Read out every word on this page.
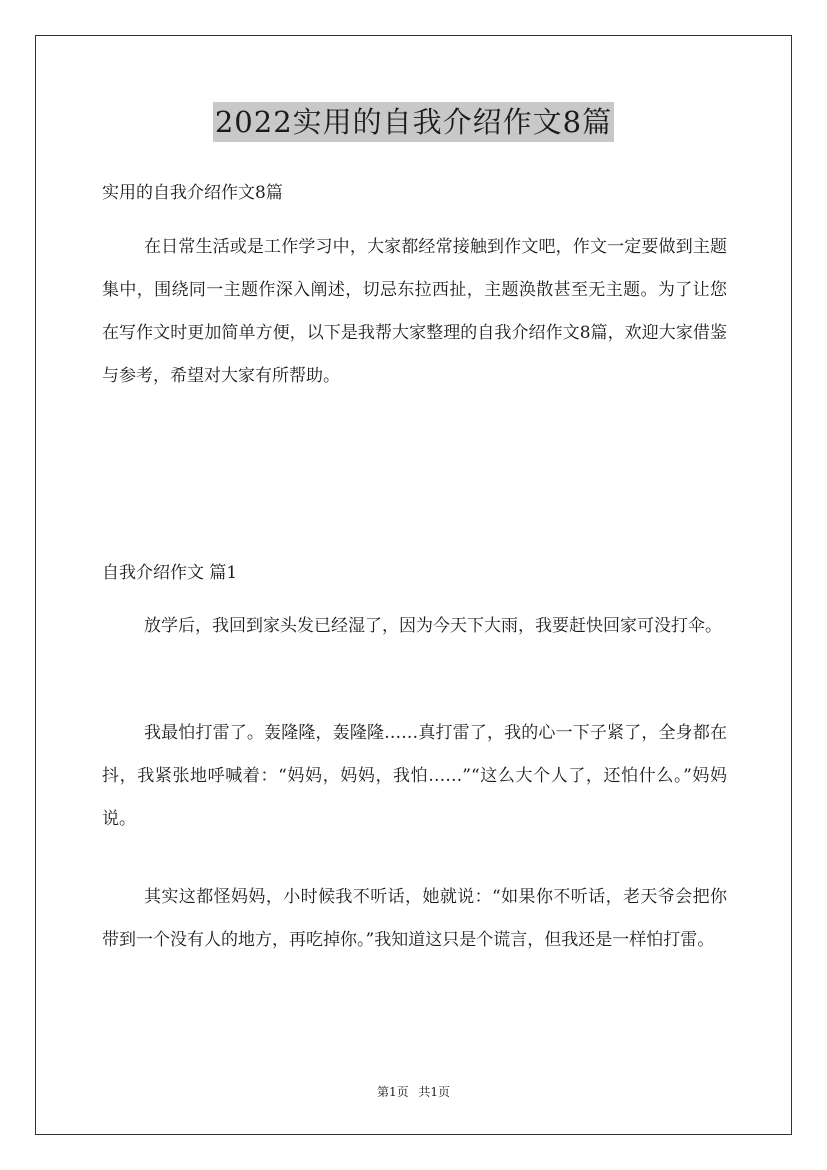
2022实用的自我介绍作文8篇
实用的自我介绍作文8篇

在日常生活或是工作学习中，大家都经常接触到作文吧，作文一定要做到主题集中，围绕同一主题作深入阐述，切忌东拉西扯，主题涣散甚至无主题。为了让您在写作文时更加简单方便，以下是我帮大家整理的自我介绍作文8篇，欢迎大家借鉴与参考，希望对大家有所帮助。

自我介绍作文 篇1

放学后，我回到家头发已经湿了，因为今天下大雨，我要赶快回家可没打伞。

我最怕打雷了。轰隆隆，轰隆隆……真打雷了，我的心一下子紧了，全身都在抖，我紧张地呼喊着：“妈妈，妈妈，我怕……”“这么大个人了，还怕什么。”妈妈说。

其实这都怪妈妈，小时候我不听话，她就说：“如果你不听话，老天爷会把你带到一个没有人的地方，再吃掉你。”我知道这只是个谎言，但我还是一样怕打雷。

第1页 共1页
